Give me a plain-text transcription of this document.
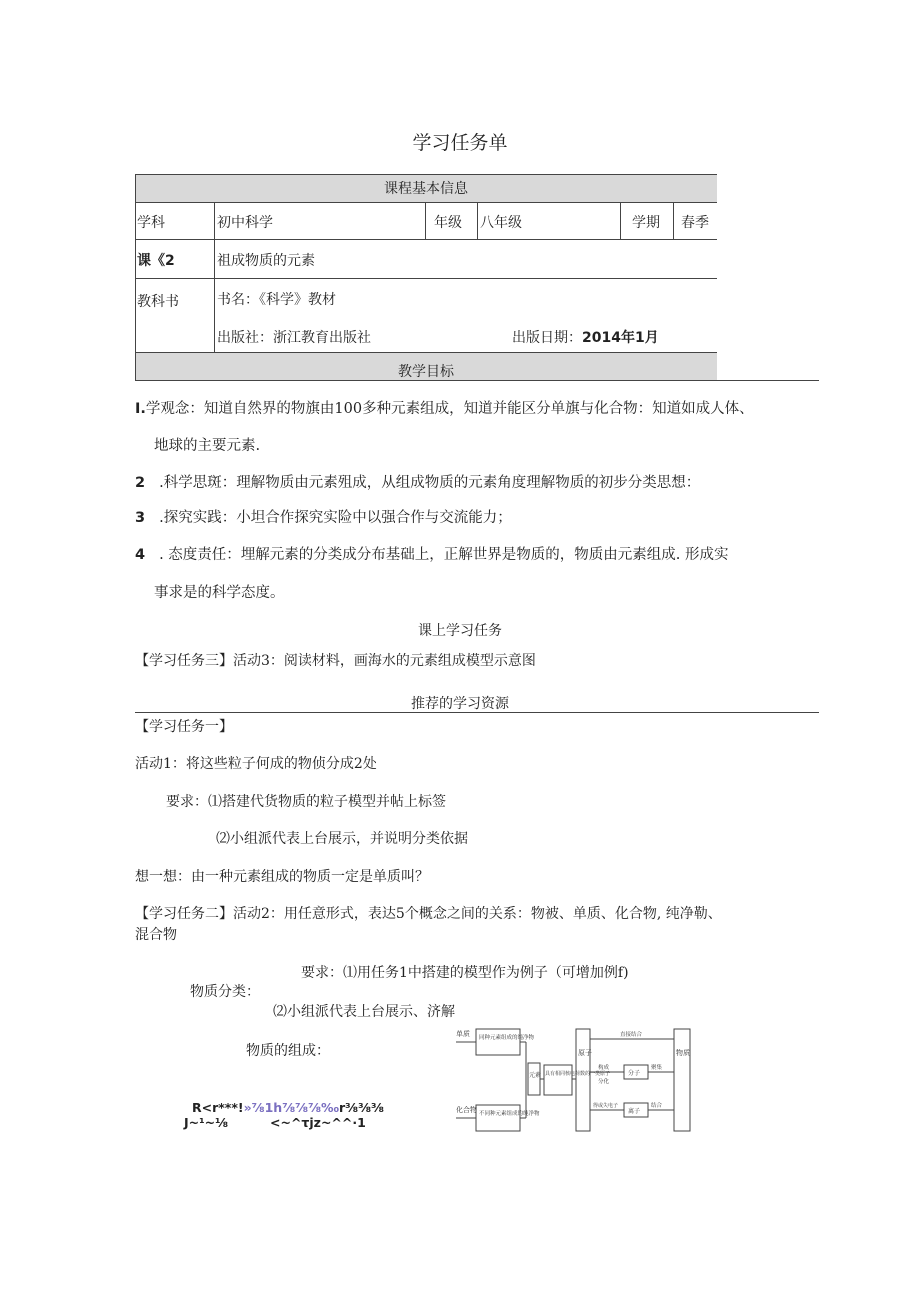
学习任务单
课程基本信息
学科	初中科学	年级 八年级	学期 春季
课《2	祖成物质的元素
教科书	书名：《科学》教材
出版社：浙江教育出版社	出版日期：2014年1月
教学目标
I.学观念：知道自然界的物旗由100多种元素组成，知道并能区分单旗与化合物：知道如成人体、
地球的主要元素.
2 .科学思斑：理解物质由元素殂成，从组成物质的元素角度理解物质的初步分类思想：
3 .探究实践：小坦合作探究实险中以强合作与交流能力；
4 . 态度责任：埋解元素的分类成分布基础上，正解世界是物质的，物质由元素组成. 形成实
事求是的科学态度。
课上学习任务
【学习任务三】活动3：阅读材料，画海水的元素组成模型示意图
推荐的学习资源
【学习任务一】
活动1：将这些粒子何成的物侦分成2处
要求：⑴搭建代货物质的粒子模型并帖上标签
⑵小组派代表上台展示，并说明分类依据
想一想：由一种元素组成的物质一定是单质叫？
【学习任务二】活动2：用任意形式，表达5个概念之间的关系：物被、单质、化合物, 纯净勒、
混合物
要求：⑴用任务1中搭建的模型作为例子（可增加例f)
物质分类：
⑵小组派代表上台展示、济解
物质的组成：
R<r***!»⅞1h⅞⅞⅞‰r⅜⅜⅜
J~¹~⅛	<~^τjz~^^·1
单质
化合物
同种元素组成的纯净物
不同种元素组成的纯净物
元素 具有相同核电荷数的一类原子
原子	物质
直接结合
构成
分化
分子
聚集
得或失电子
离子
结合
